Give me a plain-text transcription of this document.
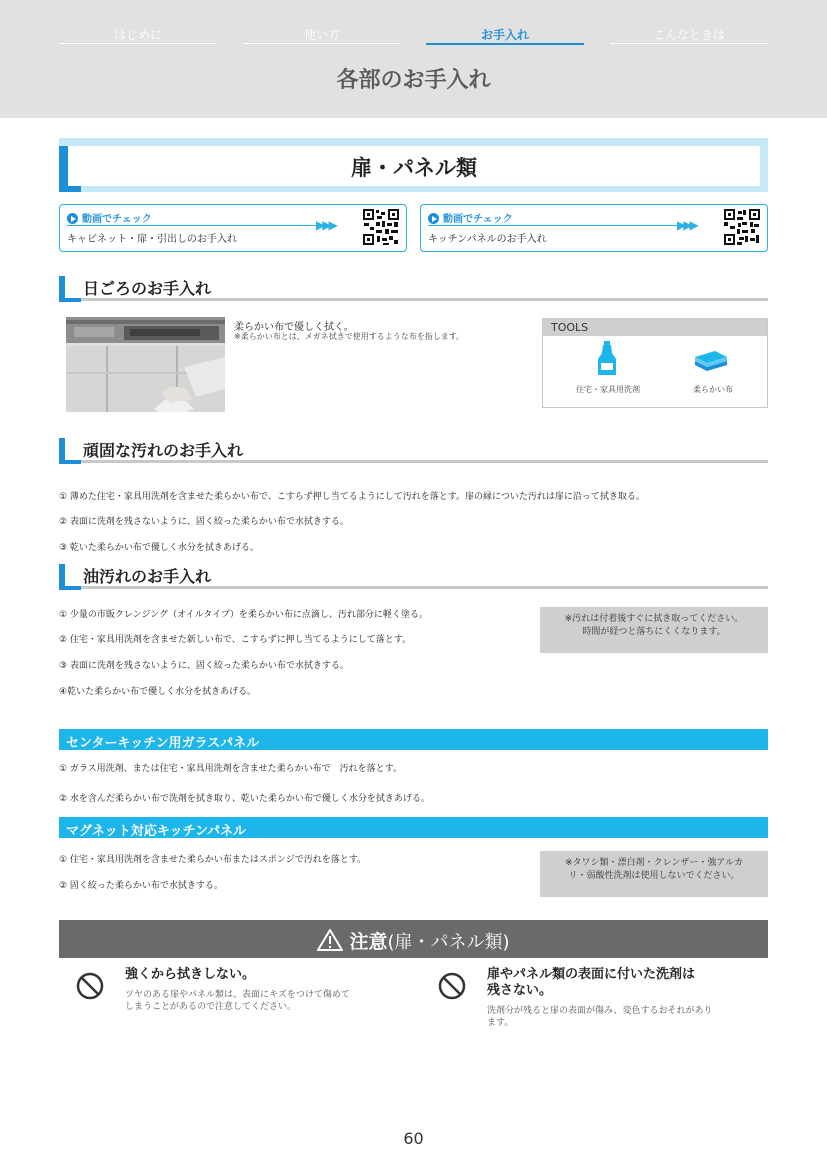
はじめに	使い方	お手入れ	こんなときは
各部のお手入れ
扉・パネル類
動画でチェック	▶▶▶
キャビネット・扉・引出しのお手入れ
動画でチェック	▶▶▶
キッチンパネルのお手入れ
日ごろのお手入れ
柔らかい布で優しく拭く。
※柔らかい布とは、メガネ拭きで使用するような布を指します。
TOOLS
住宅・家具用洗剤	柔らかい布
頑固な汚れのお手入れ
① 薄めた住宅・家具用洗剤を含ませた柔らかい布で、こすらず押し当てるようにして汚れを落とす。扉の縁についた汚れは扉に沿って拭き取る。
② 表面に洗剤を残さないように、固く絞った柔らかい布で水拭きする。
③ 乾いた柔らかい布で優しく水分を拭きあげる。
油汚れのお手入れ
① 少量の市販クレンジング（オイルタイプ）を柔らかい布に点滴し、汚れ部分に軽く塗る。
② 住宅・家具用洗剤を含ませた新しい布で、こすらずに押し当てるようにして落とす。
③ 表面に洗剤を残さないように、固く絞った柔らかい布で水拭きする。
④乾いた柔らかい布で優しく水分を拭きあげる。
※汚れは付着後すぐに拭き取ってください。
時間が経つと落ちにくくなります。
センターキッチン用ガラスパネル
① ガラス用洗剤、または住宅・家具用洗剤を含ませた柔らかい布で　汚れを落とす。
② 水を含んだ柔らかい布で洗剤を拭き取り、乾いた柔らかい布で優しく水分を拭きあげる。
マグネット対応キッチンパネル
① 住宅・家具用洗剤を含ませた柔らかい布またはスポンジで汚れを落とす。
② 固く絞った柔らかい布で水拭きする。
※タワシ類・漂白剤・クレンザー・強アルカ
リ・弱酸性洗剤は使用しないでください。
注意(扉・パネル類)
強くから拭きしない。
ツヤのある扉やパネル類は、表面にキズをつけて傷めて
しまうことがあるので注意してください。
扉やパネル類の表面に付いた洗剤は
残さない。
洗剤分が残ると扉の表面が傷み、変色するおそれがあり
ます。
60
